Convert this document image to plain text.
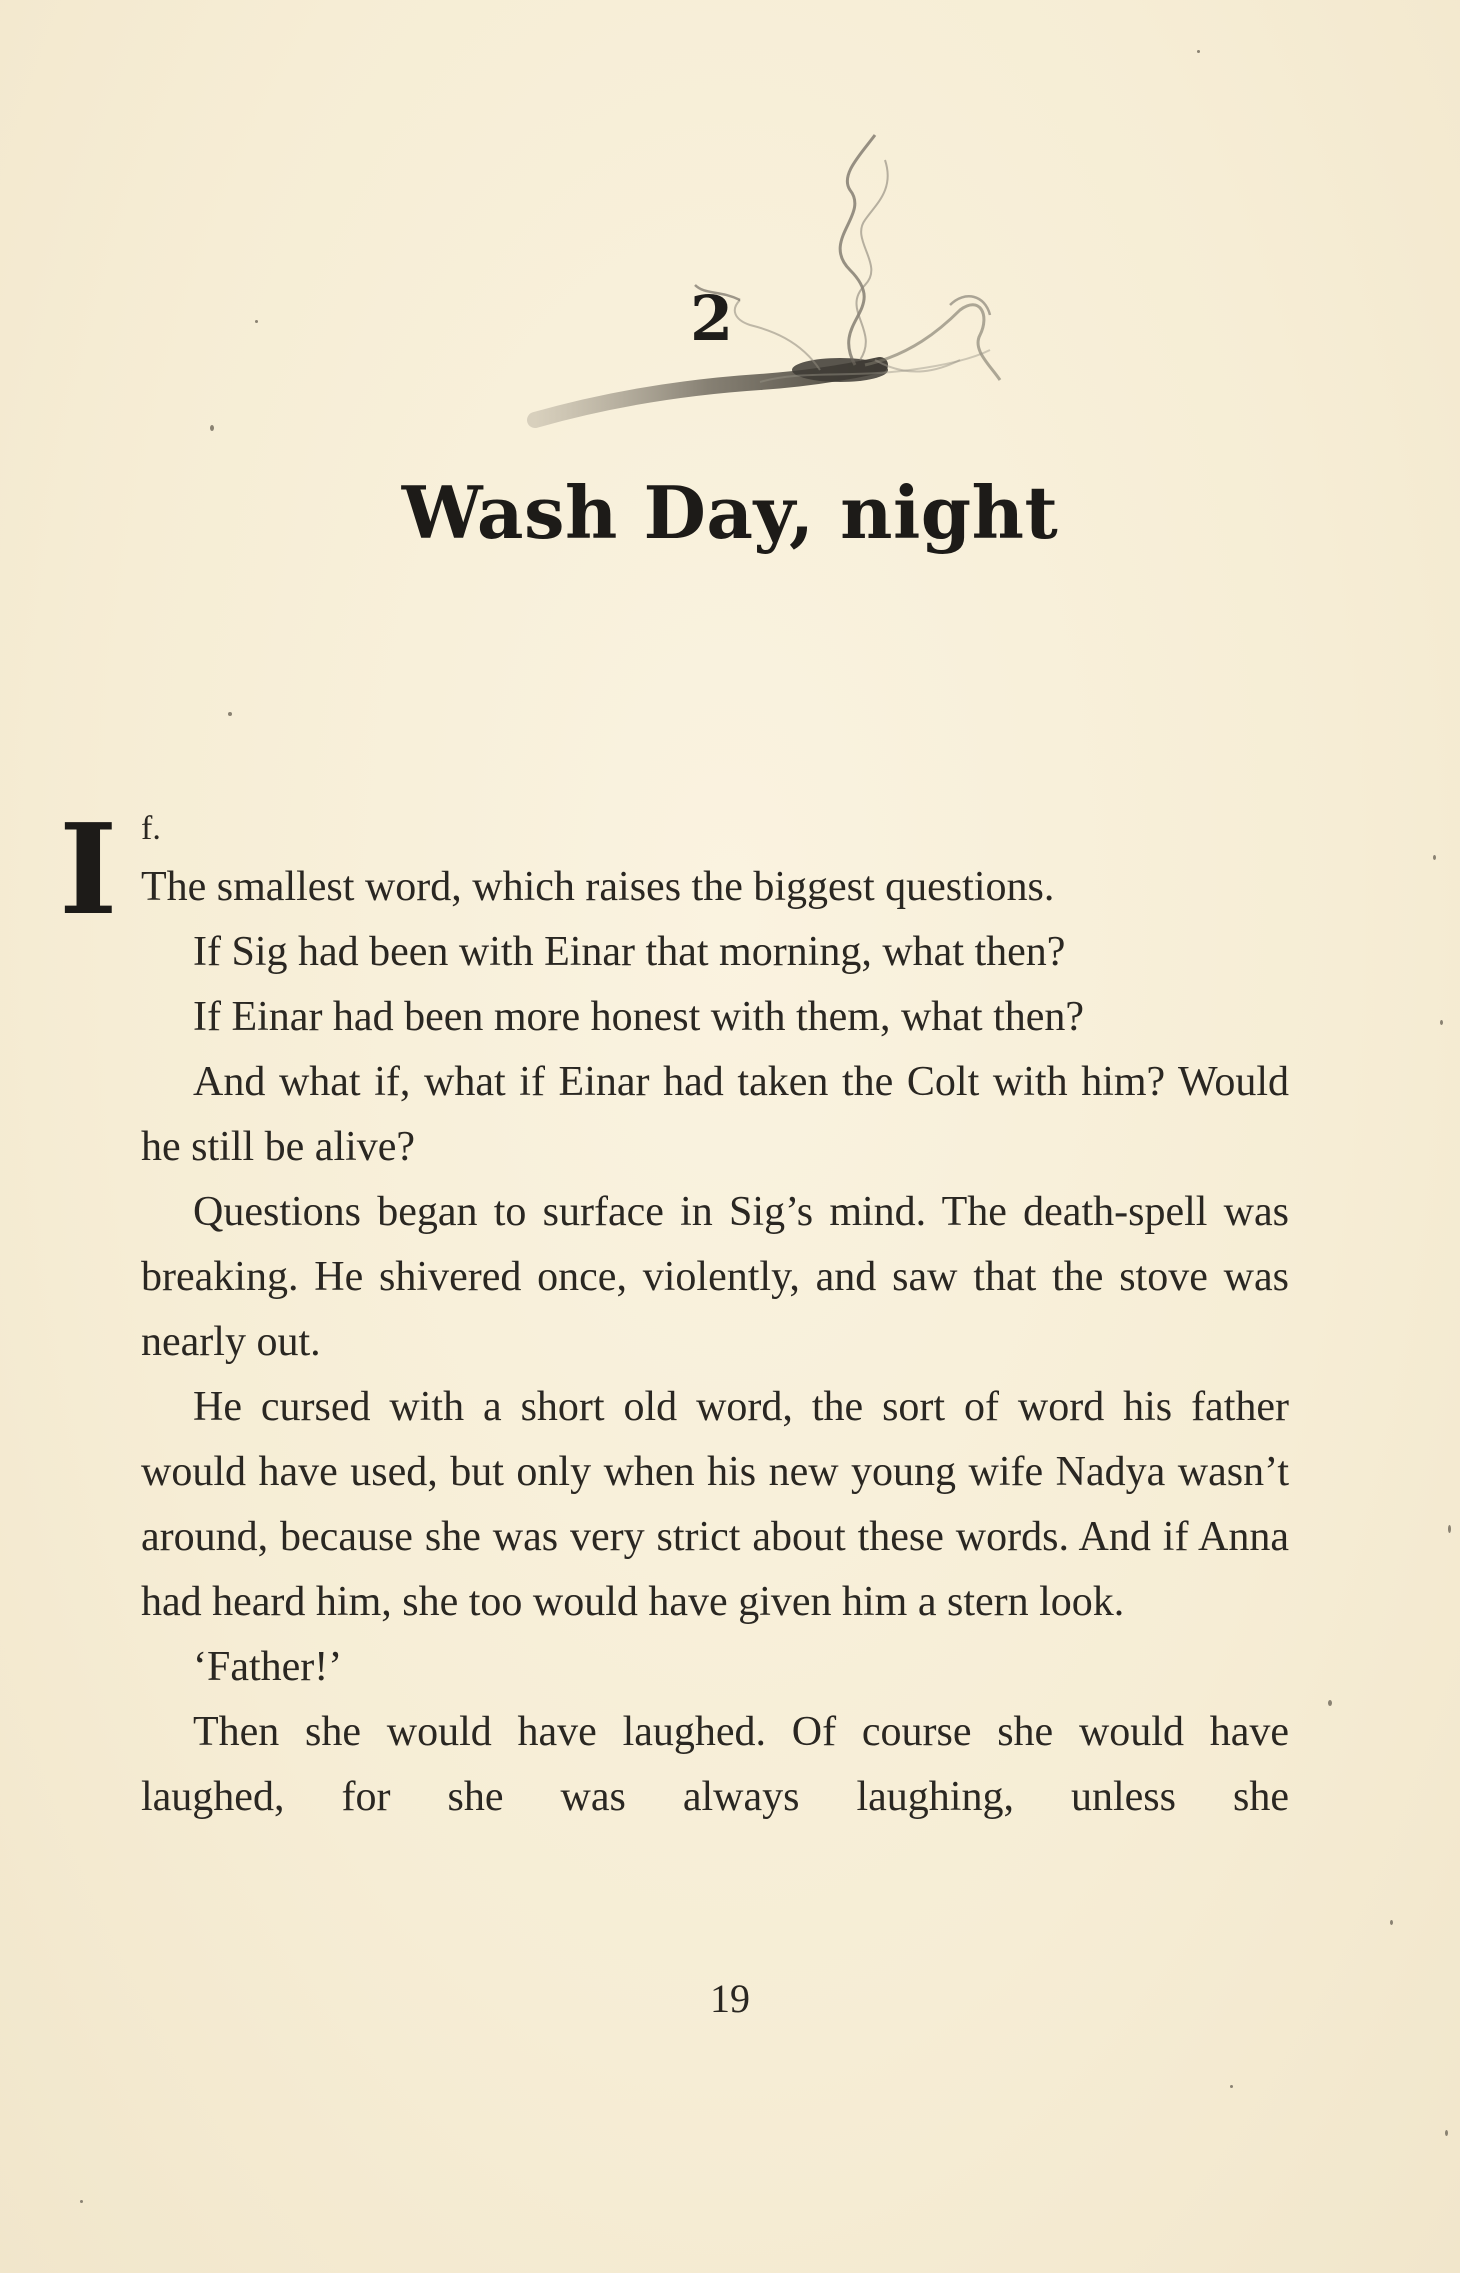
2
Wash Day, night

I f.
The smallest word, which raises the biggest questions.

If Sig had been with Einar that morning, what then?

If Einar had been more honest with them, what then?

And what if, what if Einar had taken the Colt with him? Would he still be alive?

Questions began to surface in Sig’s mind. The death-spell was breaking. He shivered once, violently, and saw that the stove was nearly out.

He cursed with a short old word, the sort of word his father would have used, but only when his new young wife Nadya wasn’t around, because she was very strict about these words. And if Anna had heard him, she too would have given him a stern look.

‘Father!’

Then she would have laughed. Of course she would have laughed, for she was always laughing, unless she

19
